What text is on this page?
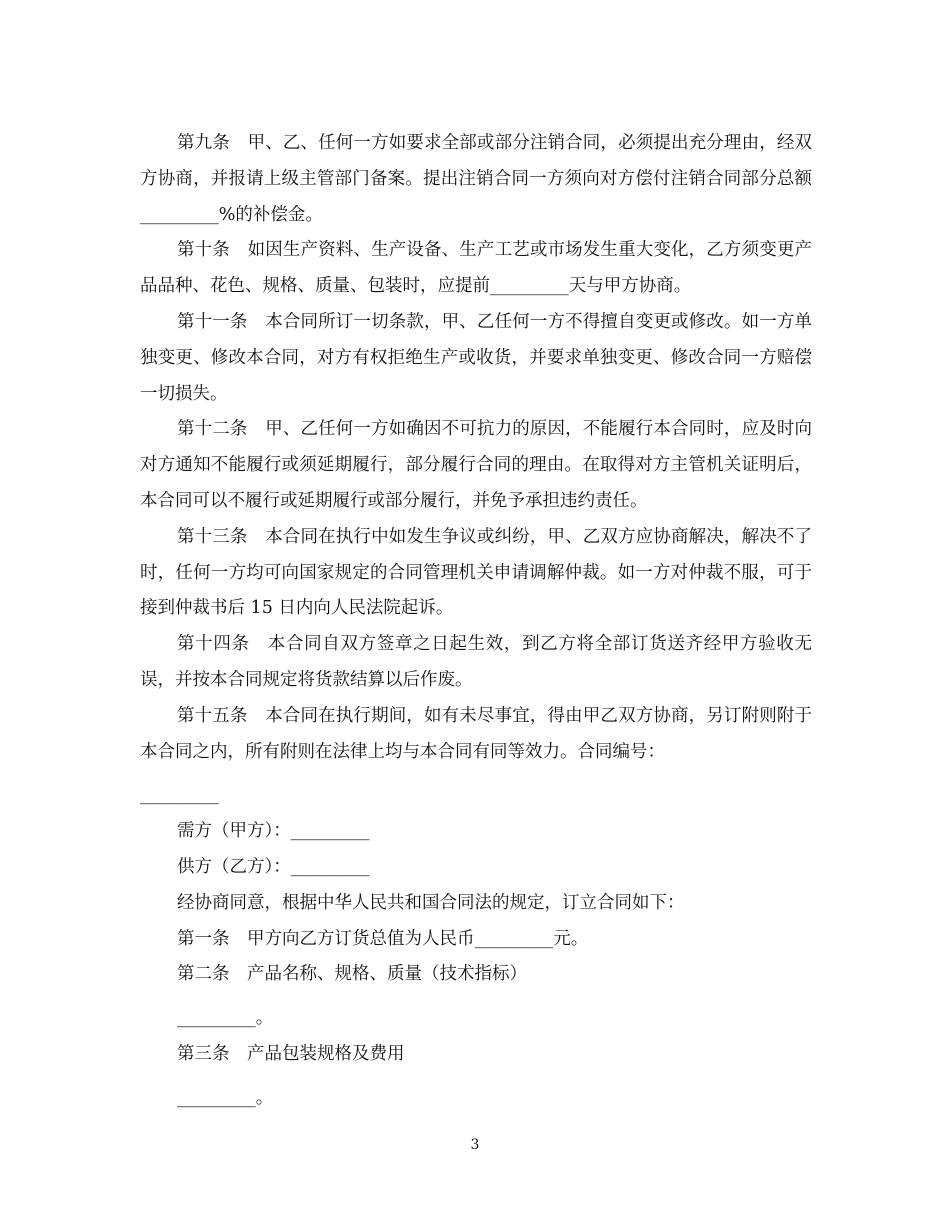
第九条　甲、乙、任何一方如要求全部或部分注销合同，必须提出充分理由，经双方协商，并报请上级主管部门备案。提出注销合同一方须向对方偿付注销合同部分总额_________%的补偿金。

第十条　如因生产资料、生产设备、生产工艺或市场发生重大变化，乙方须变更产品品种、花色、规格、质量、包装时，应提前_________天与甲方协商。

第十一条　本合同所订一切条款，甲、乙任何一方不得擅自变更或修改。如一方单独变更、修改本合同，对方有权拒绝生产或收货，并要求单独变更、修改合同一方赔偿一切损失。

第十二条　甲、乙任何一方如确因不可抗力的原因，不能履行本合同时，应及时向对方通知不能履行或须延期履行，部分履行合同的理由。在取得对方主管机关证明后，本合同可以不履行或延期履行或部分履行，并免予承担违约责任。

第十三条　本合同在执行中如发生争议或纠纷，甲、乙双方应协商解决，解决不了时，任何一方均可向国家规定的合同管理机关申请调解仲裁。如一方对仲裁不服，可于接到仲裁书后 15 日内向人民法院起诉。

第十四条　本合同自双方签章之日起生效，到乙方将全部订货送齐经甲方验收无误，并按本合同规定将货款结算以后作废。

第十五条　本合同在执行期间，如有未尽事宜，得由甲乙双方协商，另订附则附于本合同之内，所有附则在法律上均与本合同有同等效力。合同编号：

_________

需方（甲方）：_________

供方（乙方）：_________

经协商同意，根据中华人民共和国合同法的规定，订立合同如下：

第一条　甲方向乙方订货总值为人民币_________元。

第二条　产品名称、规格、质量（技术指标）

_________。

第三条　产品包装规格及费用

_________。

3
